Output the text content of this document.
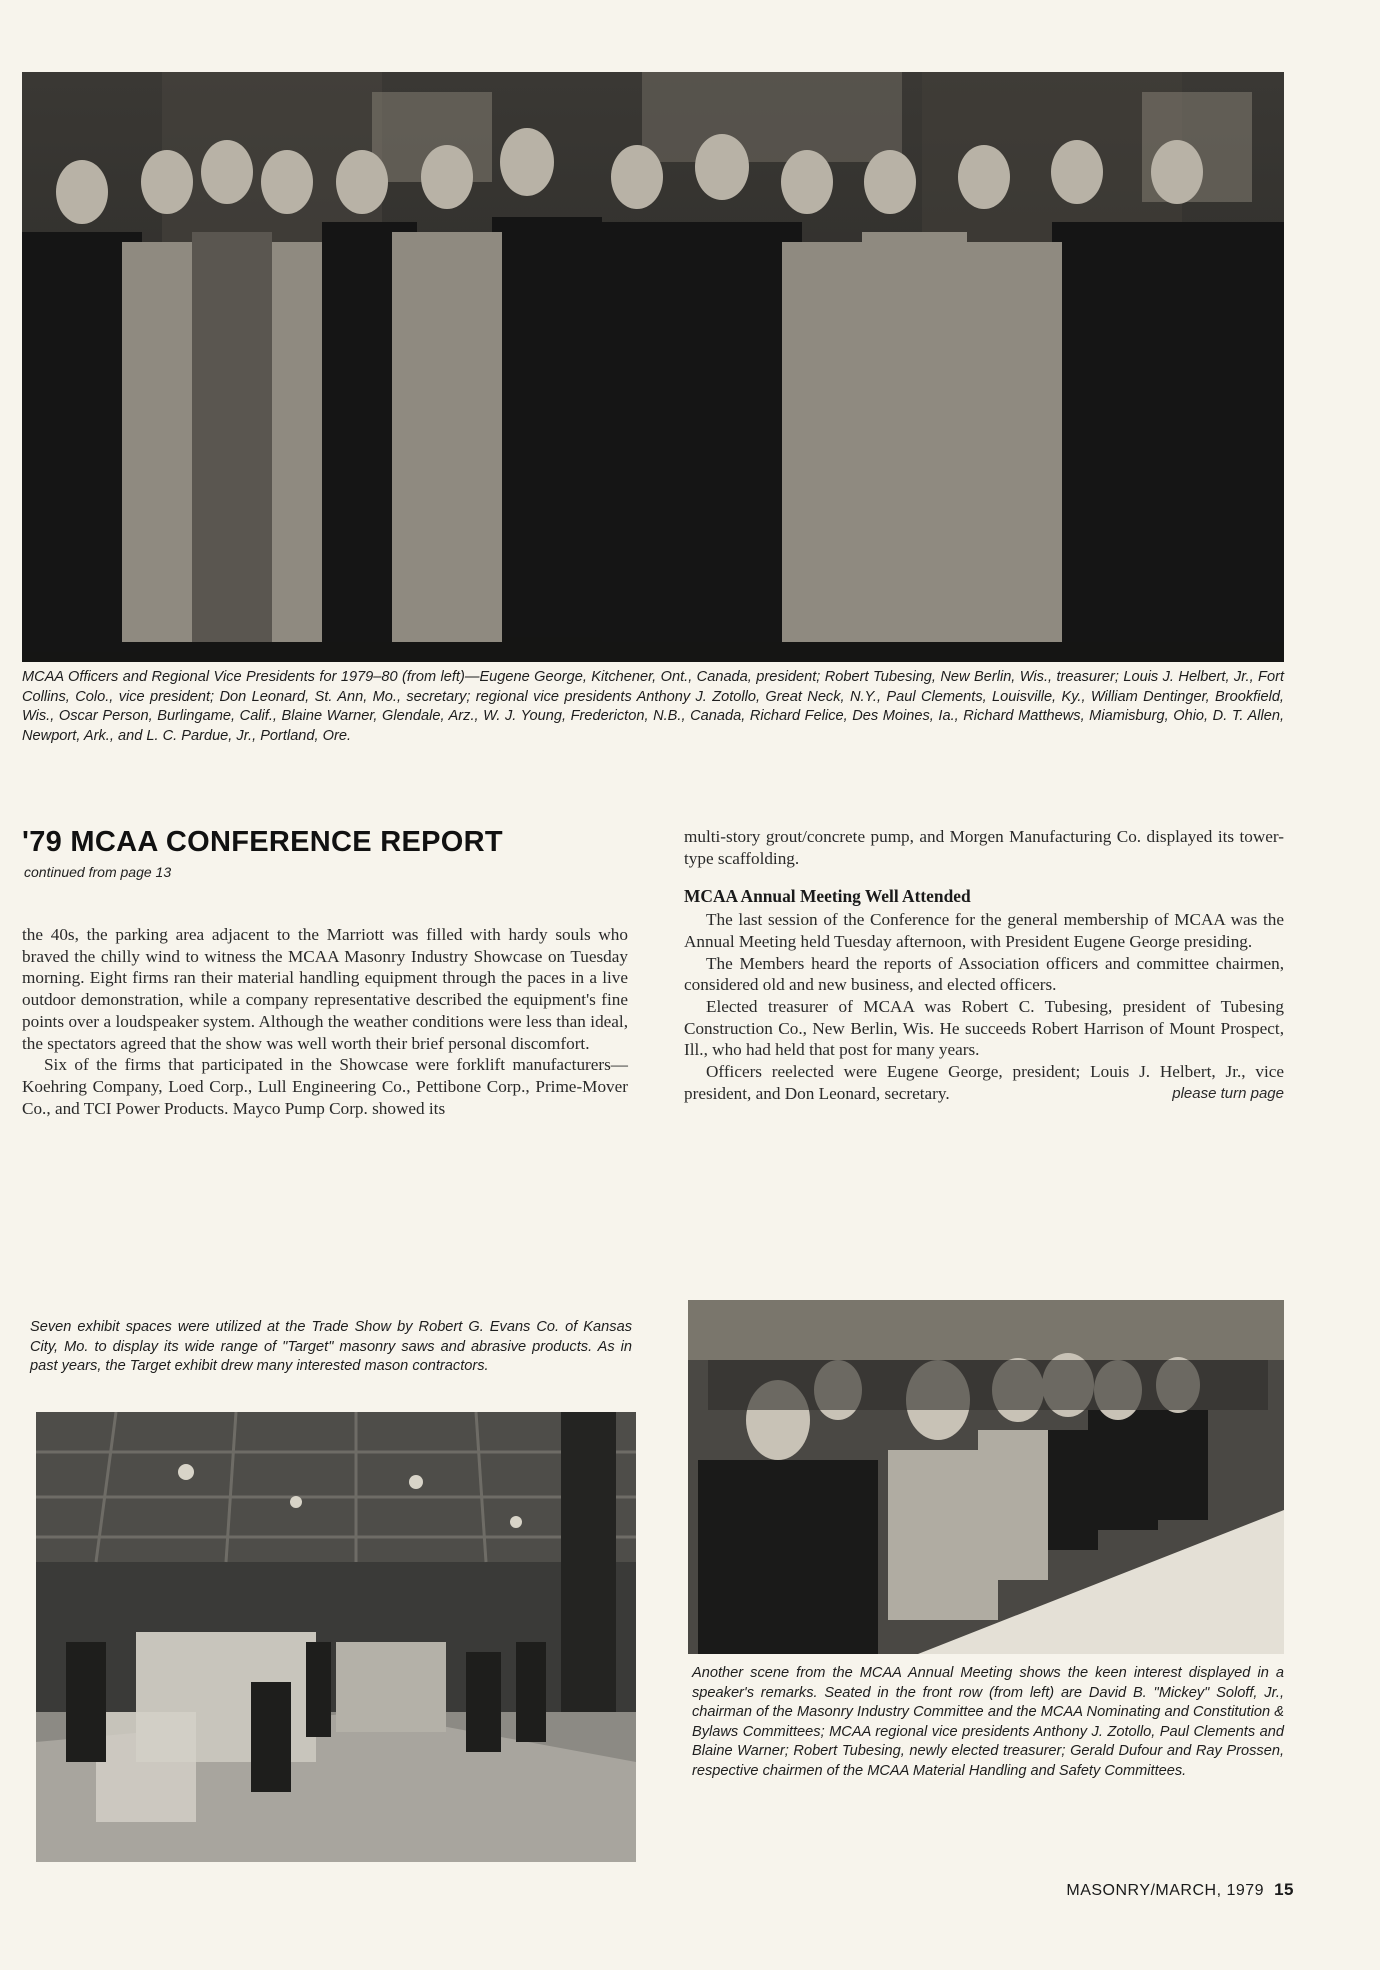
MCAA Officers and Regional Vice Presidents for 1979–80 (from left)—Eugene George, Kitchener, Ont., Canada, president; Robert Tubesing, New Berlin, Wis., treasurer; Louis J. Helbert, Jr., Fort Collins, Colo., vice president; Don Leonard, St. Ann, Mo., secretary; regional vice presidents Anthony J. Zotollo, Great Neck, N.Y., Paul Clements, Louisville, Ky., William Dentinger, Brookfield, Wis., Oscar Person, Burlingame, Calif., Blaine Warner, Glendale, Arz., W. J. Young, Fredericton, N.B., Canada, Richard Felice, Des Moines, Ia., Richard Matthews, Miamisburg, Ohio, D. T. Allen, Newport, Ark., and L. C. Pardue, Jr., Portland, Ore.
'79 MCAA CONFERENCE REPORT
continued from page 13

the 40s, the parking area adjacent to the Marriott was filled with hardy souls who braved the chilly wind to witness the MCAA Masonry Industry Showcase on Tuesday morning. Eight firms ran their material handling equipment through the paces in a live outdoor demonstration, while a company representative described the equipment's fine points over a loudspeaker system. Although the weather conditions were less than ideal, the spectators agreed that the show was well worth their brief personal discomfort.

Six of the firms that participated in the Showcase were forklift manufacturers—Koehring Company, Loed Corp., Lull Engineering Co., Pettibone Corp., Prime-Mover Co., and TCI Power Products. Mayco Pump Corp. showed its

multi-story grout/concrete pump, and Morgen Manufacturing Co. displayed its tower-type scaffolding.

MCAA Annual Meeting Well Attended

The last session of the Conference for the general membership of MCAA was the Annual Meeting held Tuesday afternoon, with President Eugene George presiding.

The Members heard the reports of Association officers and committee chairmen, considered old and new business, and elected officers.

Elected treasurer of MCAA was Robert C. Tubesing, president of Tubesing Construction Co., New Berlin, Wis. He succeeds Robert Harrison of Mount Prospect, Ill., who had held that post for many years.

Officers reelected were Eugene George, president; Louis J. Helbert, Jr., vice president, and Don Leonard, secretary.	please turn page

Seven exhibit spaces were utilized at the Trade Show by Robert G. Evans Co. of Kansas City, Mo. to display its wide range of "Target" masonry saws and abrasive products. As in past years, the Target exhibit drew many interested mason contractors.
Another scene from the MCAA Annual Meeting shows the keen interest displayed in a speaker's remarks. Seated in the front row (from left) are David B. "Mickey" Soloff, Jr., chairman of the Masonry Industry Committee and the MCAA Nominating and Constitution & Bylaws Committees; MCAA regional vice presidents Anthony J. Zotollo, Paul Clements and Blaine Warner; Robert Tubesing, newly elected treasurer; Gerald Dufour and Ray Prossen, respective chairmen of the MCAA Material Handling and Safety Committees.
MASONRY/MARCH, 1979 15
